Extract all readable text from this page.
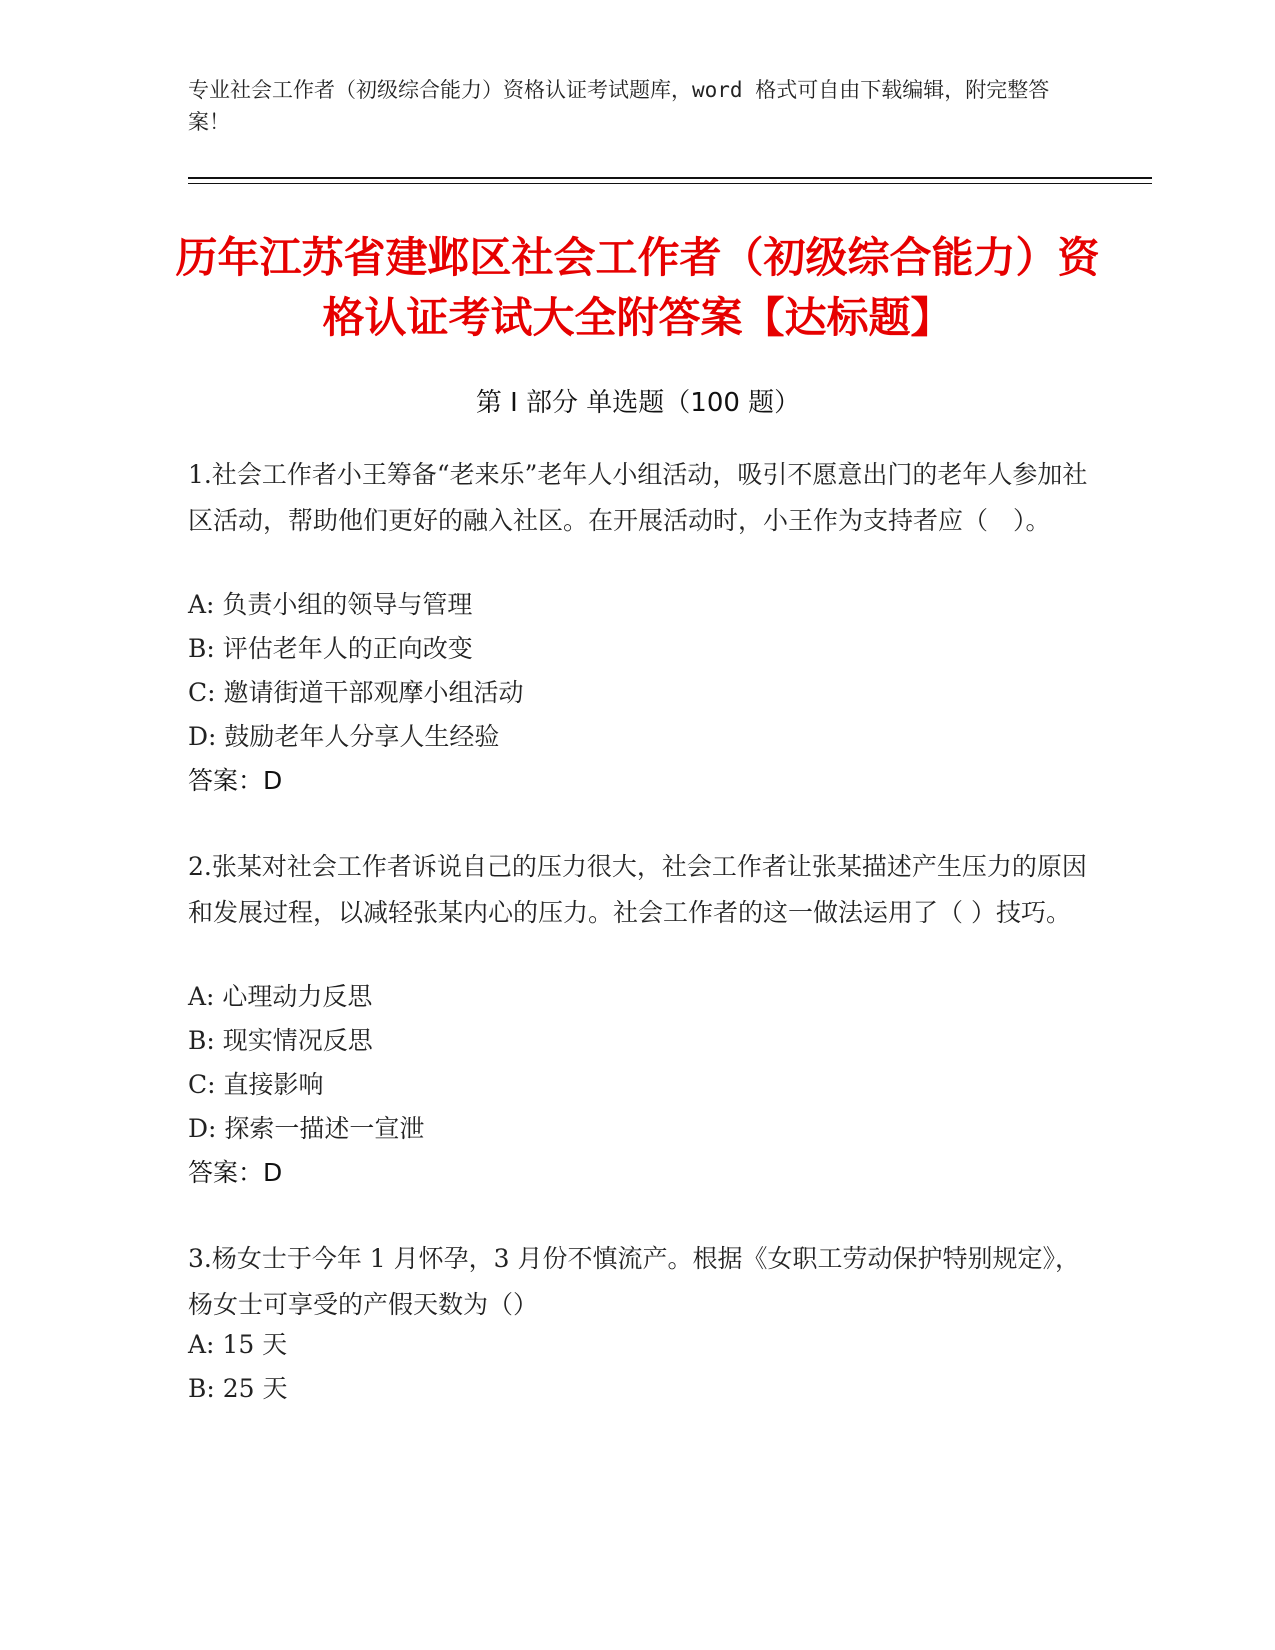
专业社会工作者（初级综合能力）资格认证考试题库，word 格式可自由下载编辑，附完整答案！
历年江苏省建邺区社会工作者（初级综合能力）资格认证考试大全附答案【达标题】
第 I 部分 单选题（100 题）
1.社会工作者小王筹备“老来乐”老年人小组活动，吸引不愿意出门的老年人参加社区活动，帮助他们更好的融入社区。在开展活动时，小王作为支持者应（　）。
A: 负责小组的领导与管理
B: 评估老年人的正向改变
C: 邀请街道干部观摩小组活动
D: 鼓励老年人分享人生经验
答案：D
2.张某对社会工作者诉说自己的压力很大，社会工作者让张某描述产生压力的原因和发展过程，以减轻张某内心的压力。社会工作者的这一做法运用了（ ）技巧。
A: 心理动力反思
B: 现实情况反思
C: 直接影响
D: 探索一描述一宣泄
答案：D
3.杨女士于今年 1 月怀孕，3 月份不慎流产。根据《女职工劳动保护特别规定》，杨女士可享受的产假天数为（）
A: 15 天
B: 25 天
